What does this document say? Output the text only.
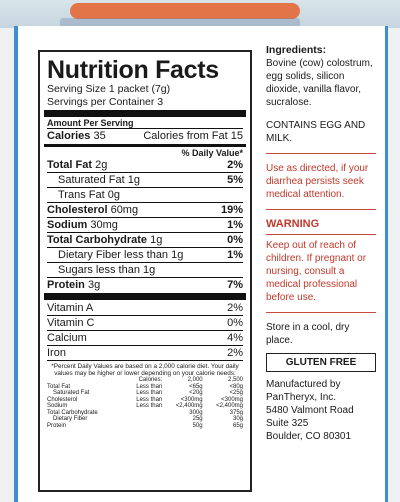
Nutrition Facts
Serving Size 1 packet (7g)
Servings per Container 3
Amount Per Serving
Calories 35	Calories from Fat 15
% Daily Value*
Total Fat 2g	2%
Saturated Fat 1g	5%
Trans Fat 0g
Cholesterol 60mg	19%
Sodium 30mg	1%
Total Carbohydrate 1g	0%
Dietary Fiber less than 1g	1%
Sugars less than 1g
Protein 3g	7%
Vitamin A	2%
Vitamin C	0%
Calcium	4%
Iron	2%
*Percent Daily Values are based on a 2,000 calorie diet. Your daily values may be higher or lower depending on your calorie needs:
	Calories:	2,000	2,500
Total Fat	Less than	<65g	<80g
Saturated Fat	Less than	<20g	<25g
Cholesterol	Less than	<300mg	<300mg
Sodium	Less than	<2,400mg	<2,400mg
Total Carbohydrate		300g	375g
Dietary Fiber		25g	30g
Protein		50g	65g
Ingredients:
Bovine (cow) colostrum, egg solids, silicon dioxide, vanilla flavor, sucralose.
CONTAINS EGG AND MILK.
Use as directed, if your diarrhea persists seek medical attention.
WARNING
Keep out of reach of children. If pregnant or nursing, consult a medical professional before use.
Store in a cool, dry place.
GLUTEN FREE
Manufactured by
PanTheryx, Inc.
5480 Valmont Road
Suite 325
Boulder, CO 80301
